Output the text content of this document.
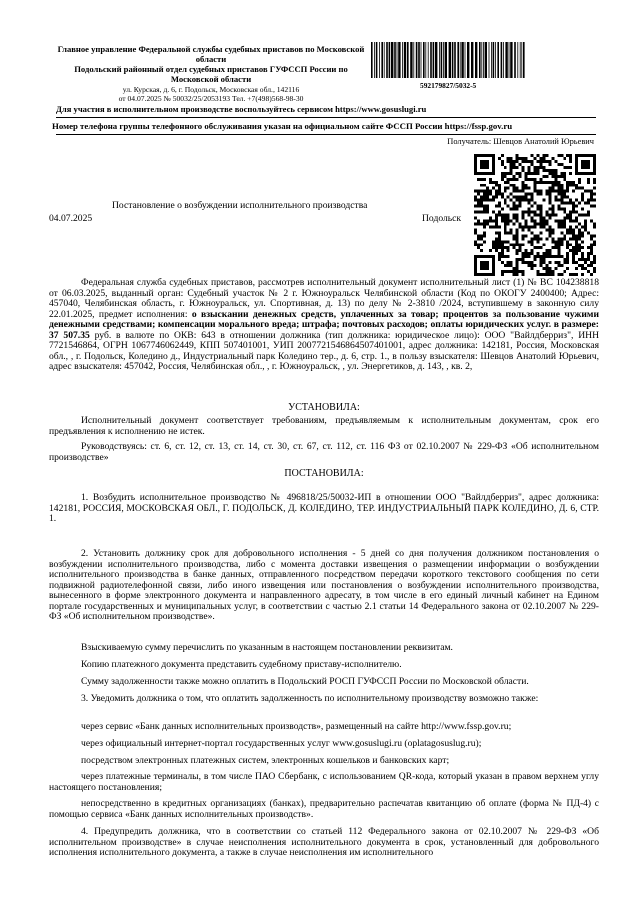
Главное управление Федеральной службы судебных приставов по Московской области
Подольский районный отдел судебных приставов ГУФССП России по Московской области
ул. Курская, д. 6, г. Подольск, Московская обл., 142116
от 04.07.2025 № 50032/25/2053193 Тел. +7(498)568-98-30
592179827/5032-5
Для участия в исполнительном производстве воспользуйтесь сервисом https://www.gosuslugi.ru
Номер телефона группы телефонного обслуживания указан на официальном сайте ФССП России https://fssp.gov.ru
Получатель: Шевцов Анатолий Юрьевич
04.07.2025
Постановление о возбуждении исполнительного производства
Подольск

Федеральная служба судебных приставов, рассмотрев исполнительный документ исполнительный лист (1) № ВС 104238818 от 06.03.2025, выданный орган: Судебный участок № 2 г. Южноуральск Челябинской области (Код по ОКОГУ 2400400; Адрес: 457040, Челябинская область, г. Южноуральск, ул. Спортивная, д. 13) по делу № 2-3810 /2024, вступившему в законную силу 22.01.2025, предмет исполнения: о взыскании денежных средств, уплаченных за товар; процентов за пользование чужими денежными средствами; компенсации морального вреда; штрафа; почтовых расходов; оплаты юридических услуг. в размере: 37 507.35 руб. в валюте по ОКВ: 643 в отношении должника (тип должника: юридическое лицо): ООО "Вайлдберриз", ИНН 7721546864, ОГРН 1067746062449, КПП 507401001, УИП 2007721546864507401001, адрес должника: 142181, Россия, Московская обл., , г. Подольск, Коледино д., Индустриальный парк Коледино тер., д. 6, стр. 1., в пользу взыскателя: Шевцов Анатолий Юрьевич, адрес взыскателя: 457042, Россия, Челябинская обл., , г. Южноуральск, , ул. Энергетиков, д. 143, , кв. 2,

УСТАНОВИЛА:

Исполнительный документ соответствует требованиям, предъявляемым к исполнительным документам, срок его предъявления к исполнению не истек.

Руководствуясь: ст. 6, ст. 12, ст. 13, ст. 14, ст. 30, ст. 67, ст. 112, ст. 116 ФЗ от 02.10.2007 № 229-ФЗ «Об исполнительном производстве»

ПОСТАНОВИЛА:

1. Возбудить исполнительное производство № 496818/25/50032-ИП в отношении ООО "Вайлдберриз", адрес должника: 142181, РОССИЯ, МОСКОВСКАЯ ОБЛ., Г. ПОДОЛЬСК, Д. КОЛЕДИНО, ТЕР. ИНДУСТРИАЛЬНЫЙ ПАРК КОЛЕДИНО, Д. 6, СТР. 1.

2. Установить должнику срок для добровольного исполнения - 5 дней со дня получения должником постановления о возбуждении исполнительного производства, либо с момента доставки извещения о размещении информации о возбуждении исполнительного производства в банке данных, отправленного посредством передачи короткого текстового сообщения по сети подвижной радиотелефонной связи, либо иного извещения или постановления о возбуждении исполнительного производства, вынесенного в форме электронного документа и направленного адресату, в том числе в его единый личный кабинет на Едином портале государственных и муниципальных услуг, в соответствии с частью 2.1 статьи 14 Федерального закона от 02.10.2007 № 229-ФЗ «Об исполнительном производстве».

Взыскиваемую сумму перечислить по указанным в настоящем постановлении реквизитам.

Копию платежного документа представить судебному приставу-исполнителю.

Сумму задолженности также можно оплатить в Подольский РОСП ГУФССП России по Московской области.

3. Уведомить должника о том, что оплатить задолженность по исполнительному производству возможно также:

через сервис «Банк данных исполнительных производств», размещенный на сайте http://www.fssp.gov.ru;

через официальный интернет-портал государственных услуг www.gosuslugi.ru (oplatagosuslug.ru);

посредством электронных платежных систем, электронных кошельков и банковских карт;

через платежные терминалы, в том числе ПАО Сбербанк, с использованием QR-кода, который указан в правом верхнем углу настоящего постановления;

непосредственно в кредитных организациях (банках), предварительно распечатав квитанцию об оплате (форма № ПД-4) с помощью сервиса «Банк данных исполнительных производств».

4. Предупредить должника, что в соответствии со статьей 112 Федерального закона от 02.10.2007 № 229-ФЗ «Об исполнительном производстве» в случае неисполнения исполнительного документа в срок, установленный для добровольного исполнения исполнительного документа, а также в случае неисполнения им исполнительного
